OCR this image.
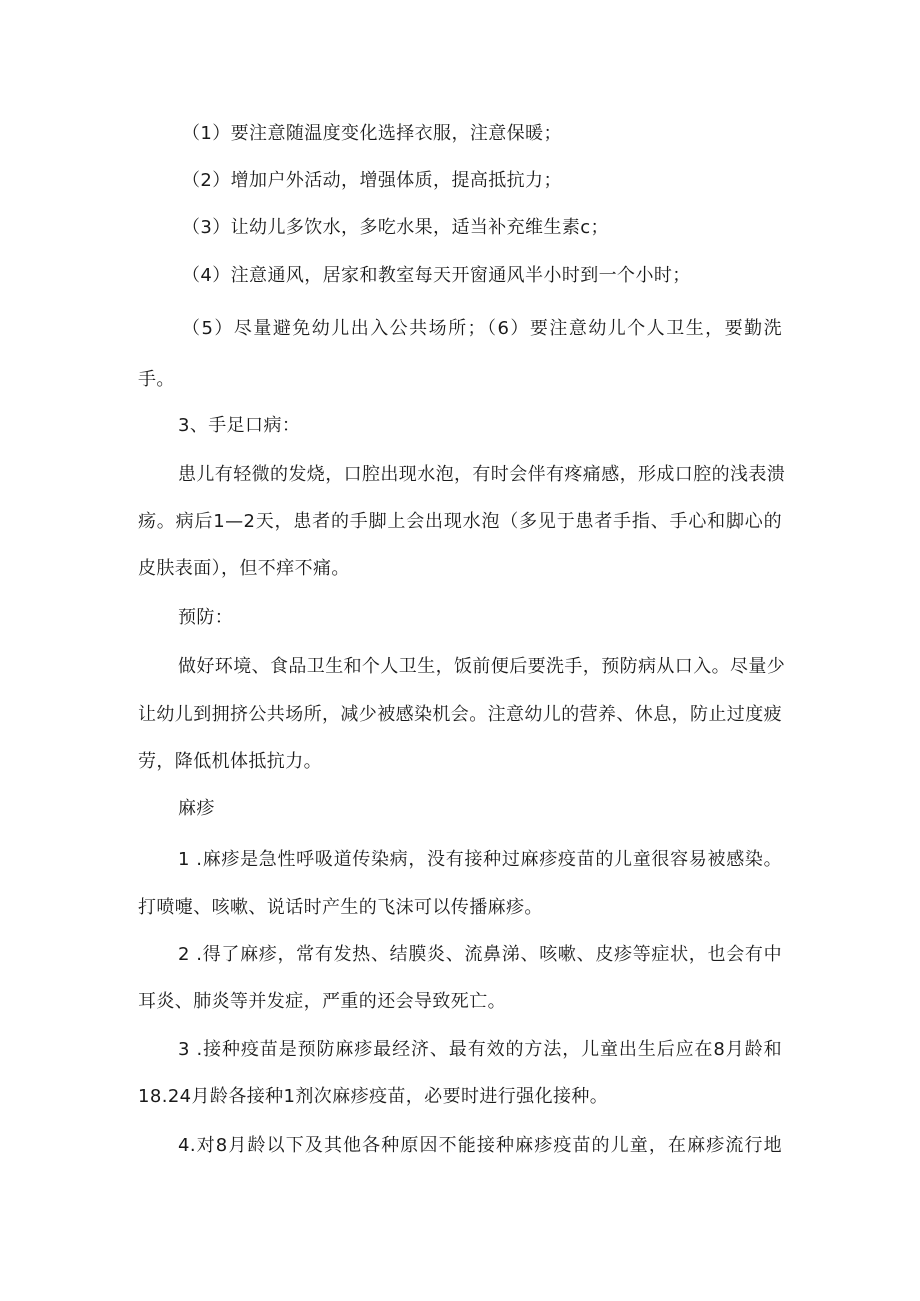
（1）要注意随温度变化选择衣服，注意保暖；
（2）增加户外活动，增强体质，提高抵抗力；
（3）让幼儿多饮水，多吃水果，适当补充维生素c；
（4）注意通风，居家和教室每天开窗通风半小时到一个小时；
（5）尽量避免幼儿出入公共场所；（6）要注意幼儿个人卫生，要勤洗
手。
3、手足口病：
患儿有轻微的发烧，口腔出现水泡，有时会伴有疼痛感，形成口腔的浅表溃
疡。病后1—2天，患者的手脚上会出现水泡（多见于患者手指、手心和脚心的
皮肤表面），但不痒不痛。
预防：
做好环境、食品卫生和个人卫生，饭前便后要洗手，预防病从口入。尽量少
让幼儿到拥挤公共场所，减少被感染机会。注意幼儿的营养、休息，防止过度疲
劳，降低机体抵抗力。
麻疹
1 .麻疹是急性呼吸道传染病，没有接种过麻疹疫苗的儿童很容易被感染。
打喷嚏、咳嗽、说话时产生的飞沫可以传播麻疹。
2 .得了麻疹，常有发热、结膜炎、流鼻涕、咳嗽、皮疹等症状，也会有中
耳炎、肺炎等并发症，严重的还会导致死亡。
3 .接种疫苗是预防麻疹最经济、最有效的方法，儿童出生后应在8月龄和
18.24月龄各接种1剂次麻疹疫苗，必要时进行强化接种。
4.对8月龄以下及其他各种原因不能接种麻疹疫苗的儿童，在麻疹流行地
